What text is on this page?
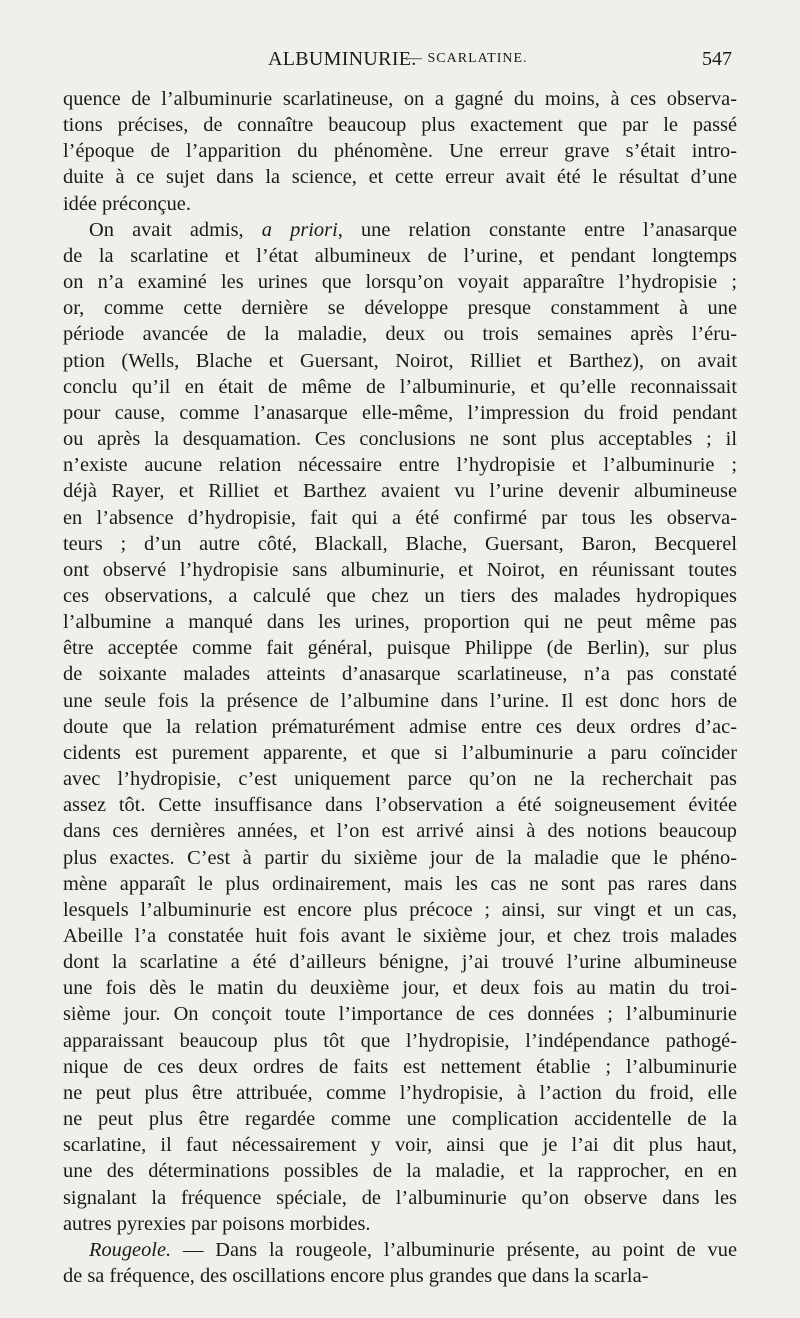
ALBUMINURIE.
— SCARLATINE.	547

quence de l’albuminurie scarlatineuse, on a gagné du moins, à ces observa-
tions précises, de connaître beaucoup plus exactement que par le passé
l’époque de l’apparition du phénomène. Une erreur grave s’était intro-
duite à ce sujet dans la science, et cette erreur avait été le résultat d’une
idée préconçue.

On avait admis, a priori, une relation constante entre l’anasarque
de la scarlatine et l’état albumineux de l’urine, et pendant longtemps
on n’a examiné les urines que lorsqu’on voyait apparaître l’hydropisie ;
or, comme cette dernière se développe presque constamment à une
période avancée de la maladie, deux ou trois semaines après l’éru-
ption (Wells, Blache et Guersant, Noirot, Rilliet et Barthez), on avait
conclu qu’il en était de même de l’albuminurie, et qu’elle reconnaissait
pour cause, comme l’anasarque elle-même, l’impression du froid pendant
ou après la desquamation. Ces conclusions ne sont plus acceptables ; il
n’existe aucune relation nécessaire entre l’hydropisie et l’albuminurie ;
déjà Rayer, et Rilliet et Barthez avaient vu l’urine devenir albumineuse
en l’absence d’hydropisie, fait qui a été confirmé par tous les observa-
teurs ; d’un autre côté, Blackall, Blache, Guersant, Baron, Becquerel
ont observé l’hydropisie sans albuminurie, et Noirot, en réunissant toutes
ces observations, a calculé que chez un tiers des malades hydropiques
l’albumine a manqué dans les urines, proportion qui ne peut même pas
être acceptée comme fait général, puisque Philippe (de Berlin), sur plus
de soixante malades atteints d’anasarque scarlatineuse, n’a pas constaté
une seule fois la présence de l’albumine dans l’urine. Il est donc hors de
doute que la relation prématurément admise entre ces deux ordres d’ac-
cidents est purement apparente, et que si l’albuminurie a paru coïncider
avec l’hydropisie, c’est uniquement parce qu’on ne la recherchait pas
assez tôt. Cette insuffisance dans l’observation a été soigneusement évitée
dans ces dernières années, et l’on est arrivé ainsi à des notions beaucoup
plus exactes. C’est à partir du sixième jour de la maladie que le phéno-
mène apparaît le plus ordinairement, mais les cas ne sont pas rares dans
lesquels l’albuminurie est encore plus précoce ; ainsi, sur vingt et un cas,
Abeille l’a constatée huit fois avant le sixième jour, et chez trois malades
dont la scarlatine a été d’ailleurs bénigne, j’ai trouvé l’urine albumineuse
une fois dès le matin du deuxième jour, et deux fois au matin du troi-
sième jour. On conçoit toute l’importance de ces données ; l’albuminurie
apparaissant beaucoup plus tôt que l’hydropisie, l’indépendance pathogé-
nique de ces deux ordres de faits est nettement établie ; l’albuminurie
ne peut plus être attribuée, comme l’hydropisie, à l’action du froid, elle
ne peut plus être regardée comme une complication accidentelle de la
scarlatine, il faut nécessairement y voir, ainsi que je l’ai dit plus haut,
une des déterminations possibles de la maladie, et la rapprocher, en en
signalant la fréquence spéciale, de l’albuminurie qu’on observe dans les
autres pyrexies par poisons morbides.

Rougeole. — Dans la rougeole, l’albuminurie présente, au point de vue
de sa fréquence, des oscillations encore plus grandes que dans la scarla-
